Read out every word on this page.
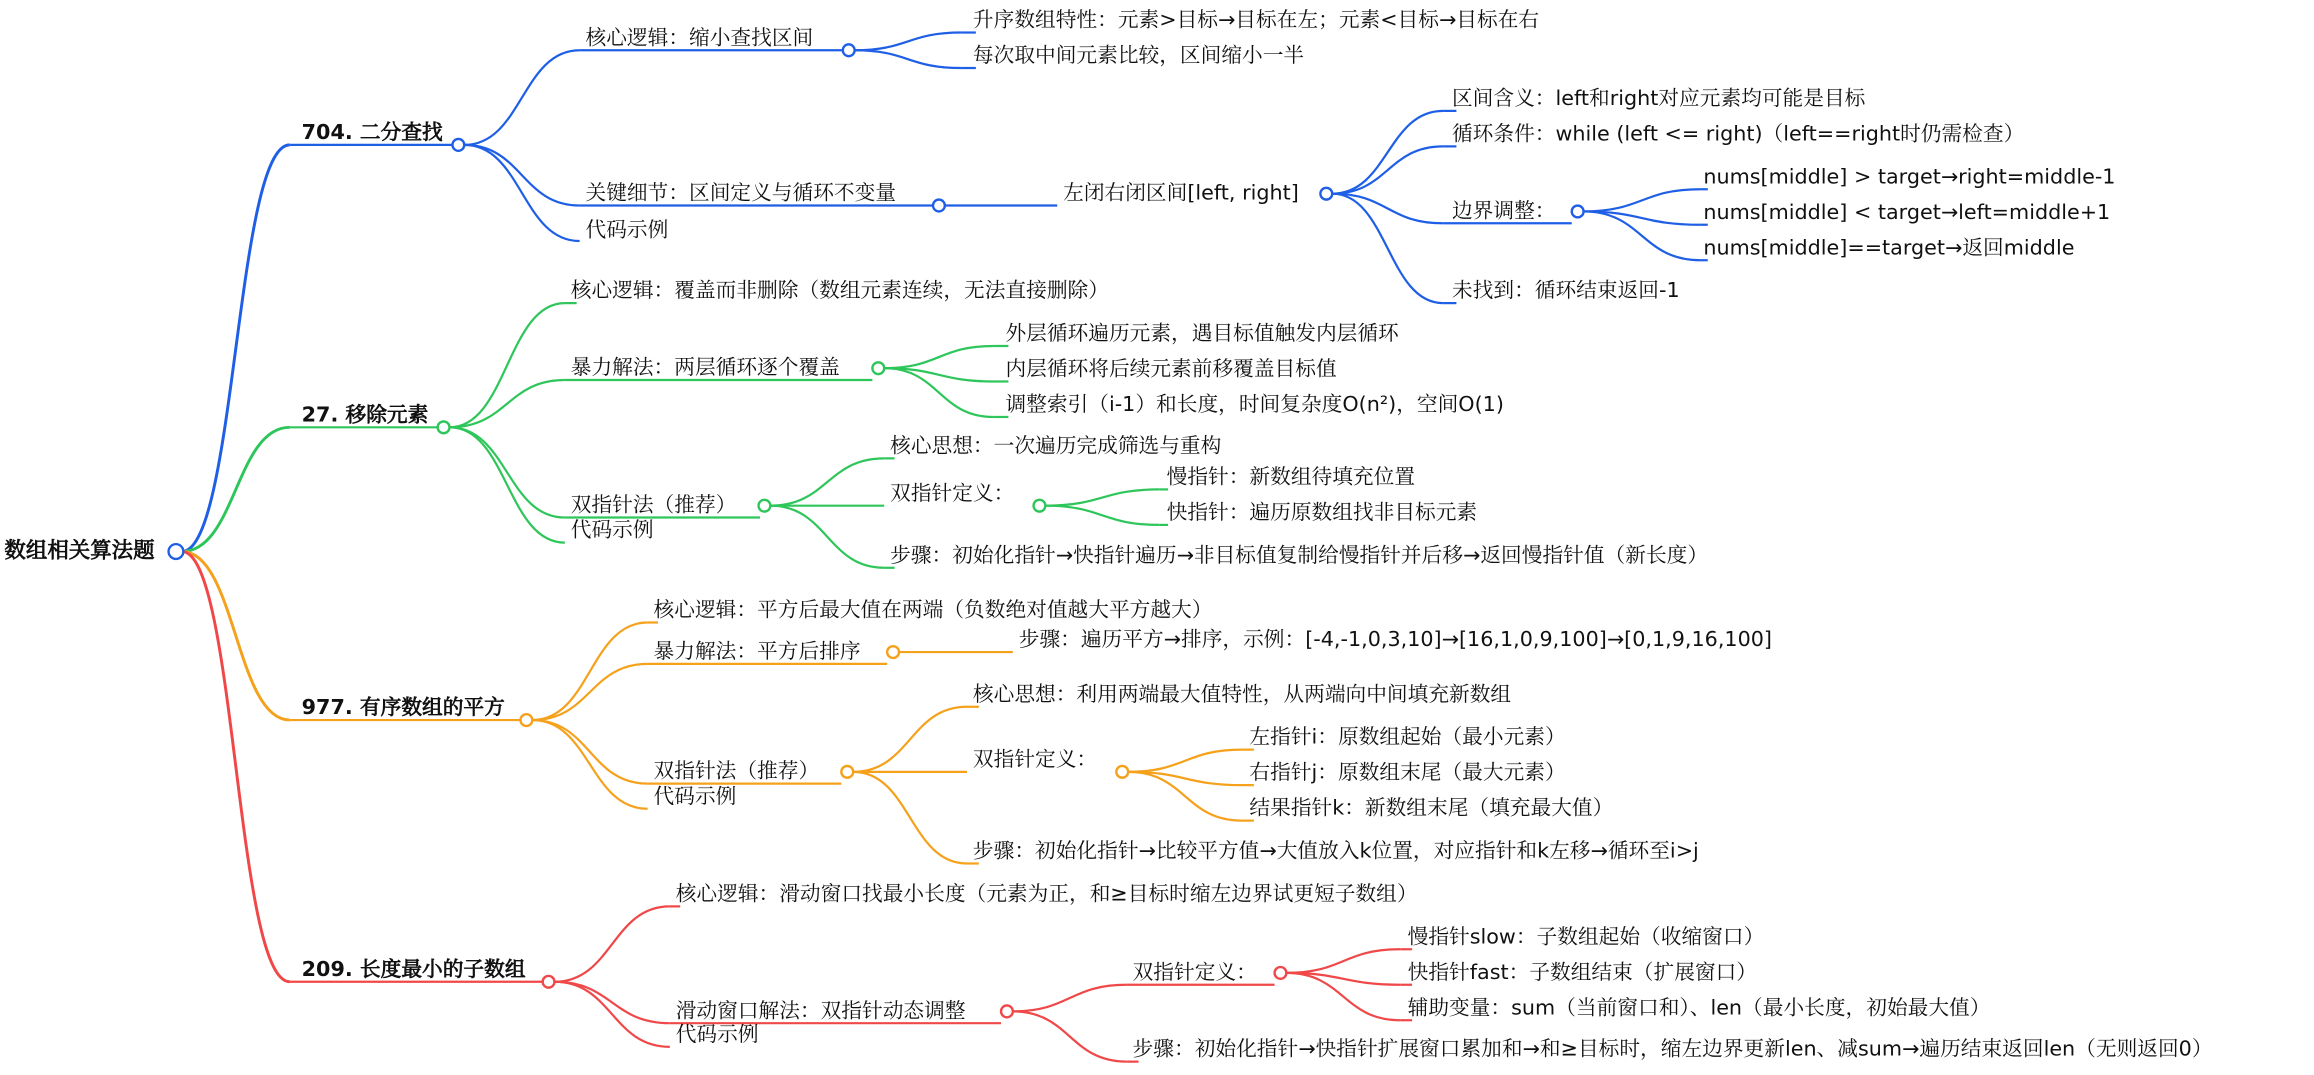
704. 二分查找
27. 移除元素
977. 有序数组的平方
209. 长度最小的子数组
数组相关算法题
核心逻辑：缩小查找区间
升序数组特性：元素>目标→目标在左；元素<目标→目标在右
每次取中间元素比较，区间缩小一半
关键细节：区间定义与循环不变量	左闭右闭区间[left, right]
区间含义：left和right对应元素均可能是目标
循环条件：while (left <= right)（left==right时仍需检查）
边界调整：
nums[middle] > target→right=middle-1
nums[middle] < target→left=middle+1
nums[middle]==target→返回middle
未找到：循环结束返回-1
代码示例
核心逻辑：覆盖而非删除（数组元素连续，无法直接删除）
暴力解法：两层循环逐个覆盖
外层循环遍历元素，遇目标值触发内层循环
内层循环将后续元素前移覆盖目标值
调整索引（i-1）和长度，时间复杂度O(n²)，空间O(1)
双指针法（推荐）
核心思想：一次遍历完成筛选与重构
双指针定义：
慢指针：新数组待填充位置
快指针：遍历原数组找非目标元素
步骤：初始化指针→快指针遍历→非目标值复制给慢指针并后移→返回慢指针值（新长度）
代码示例
核心逻辑：平方后最大值在两端（负数绝对值越大平方越大）
暴力解法：平方后排序	步骤：遍历平方→排序，示例：[-4,-1,0,3,10]→[16,1,0,9,100]→[0,1,9,16,100]
双指针法（推荐）
核心思想：利用两端最大值特性，从两端向中间填充新数组
双指针定义：
左指针i：原数组起始（最小元素）
右指针j：原数组末尾（最大元素）
结果指针k：新数组末尾（填充最大值）
步骤：初始化指针→比较平方值→大值放入k位置，对应指针和k左移→循环至i>j
代码示例
核心逻辑：滑动窗口找最小长度（元素为正，和≥目标时缩左边界试更短子数组）
滑动窗口解法：双指针动态调整
双指针定义：
慢指针slow：子数组起始（收缩窗口）
快指针fast：子数组结束（扩展窗口）
辅助变量：sum（当前窗口和）、len（最小长度，初始最大值）
步骤：初始化指针→快指针扩展窗口累加和→和≥目标时，缩左边界更新len、减sum→遍历结束返回len（无则返回0）
代码示例
